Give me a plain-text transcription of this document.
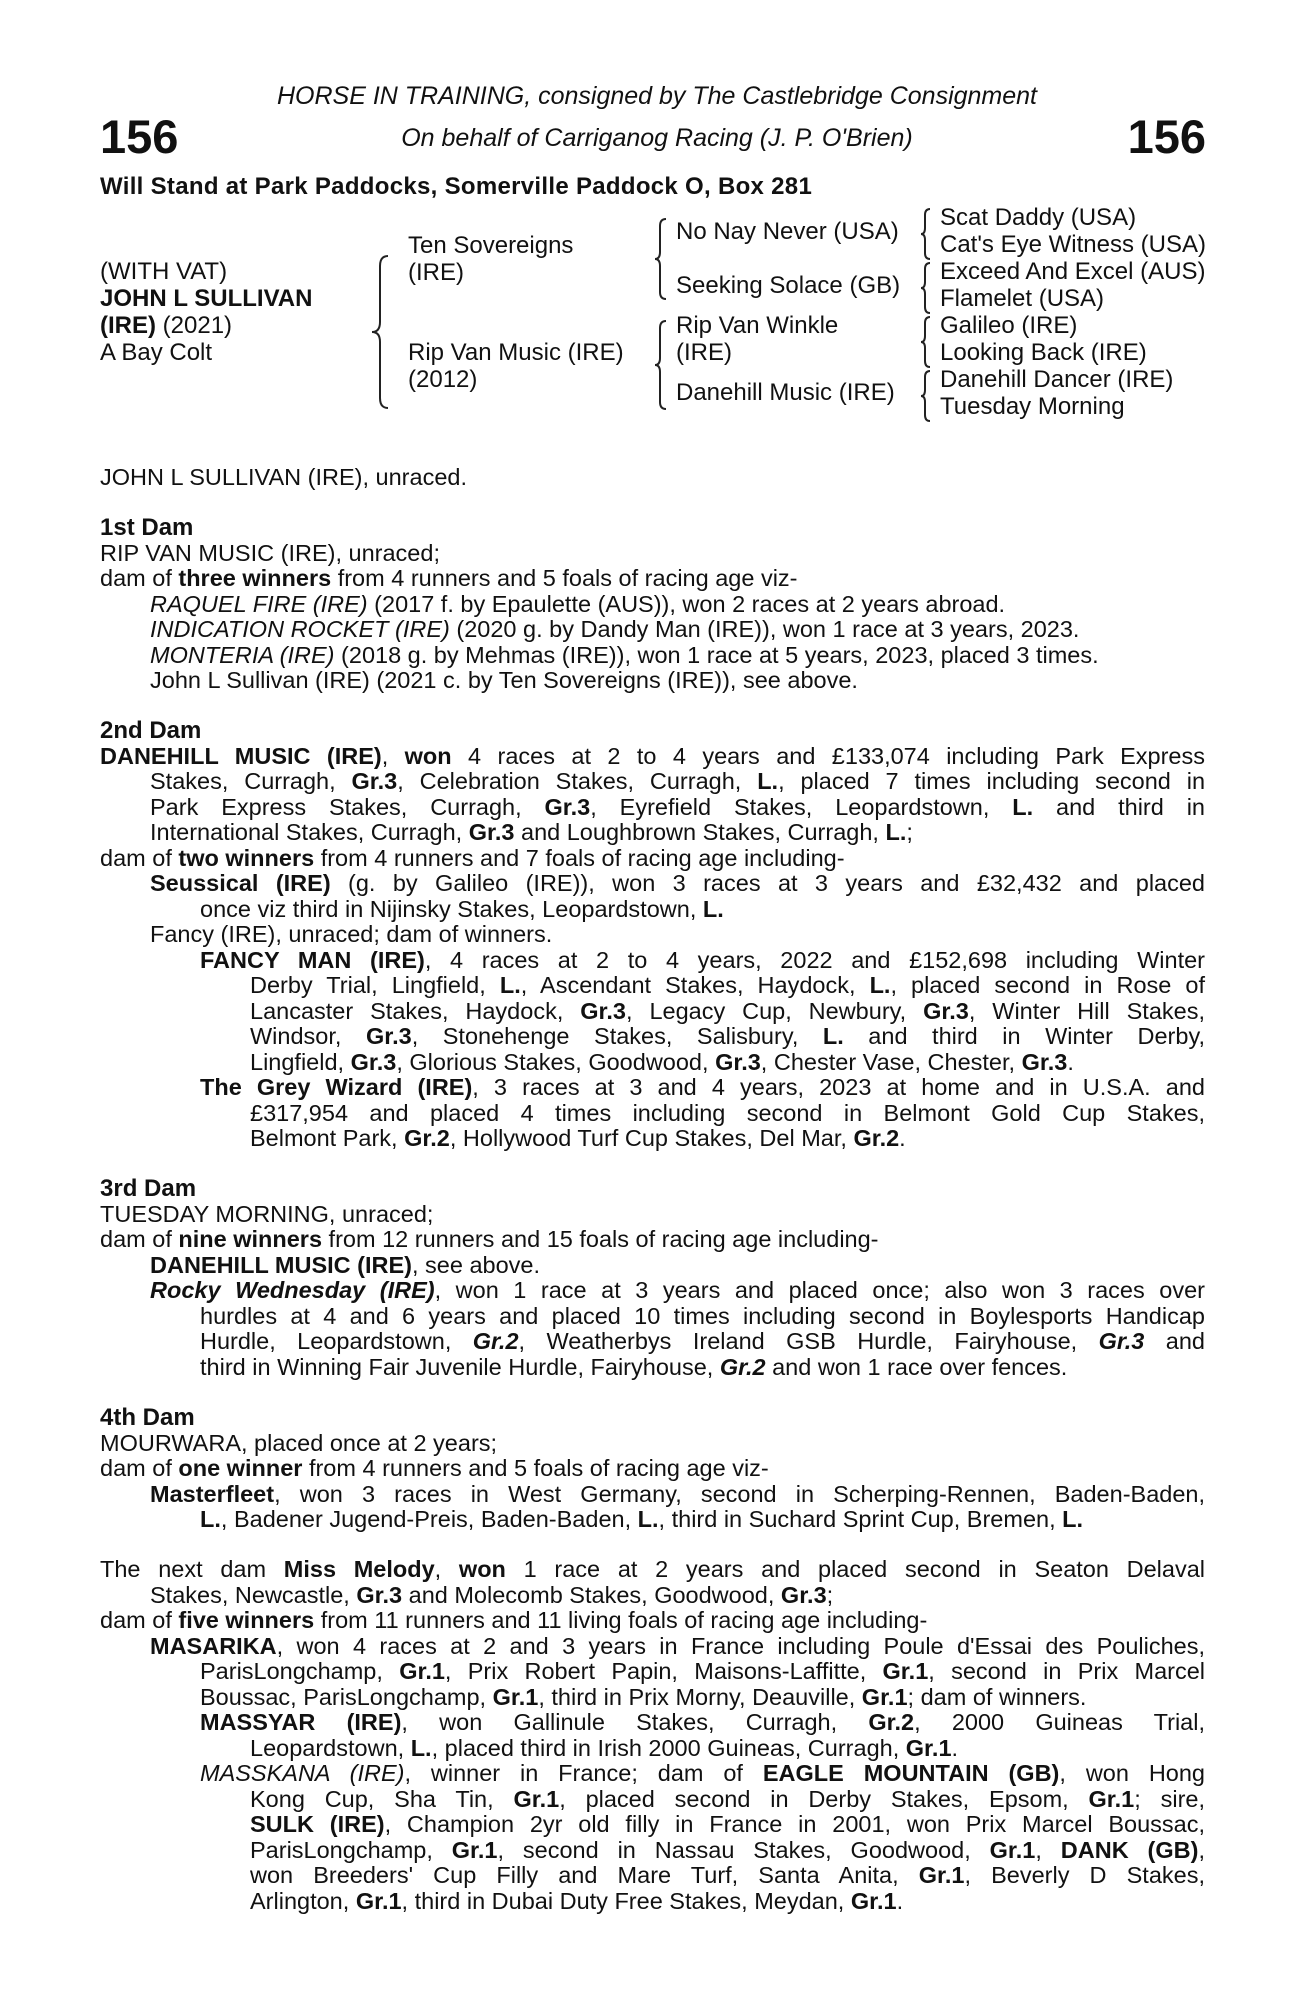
156	156
HORSE IN TRAINING, consigned by The Castlebridge Consignment
On behalf of Carriganog Racing (J. P. O'Brien)
Will Stand at Park Paddocks, Somerville Paddock O, Box 281
(WITH VAT)
JOHN L SULLIVAN
(IRE) (2021)
A Bay Colt
Ten Sovereigns
(IRE)
Rip Van Music (IRE)
(2012)
No Nay Never (USA)
Seeking Solace (GB)
Rip Van Winkle
(IRE)
Danehill Music (IRE)
Scat Daddy (USA)
Cat's Eye Witness (USA)
Exceed And Excel (AUS)
Flamelet (USA)
Galileo (IRE)
Looking Back (IRE)
Danehill Dancer (IRE)
Tuesday Morning
JOHN L SULLIVAN (IRE), unraced.
1st Dam
RIP VAN MUSIC (IRE), unraced;
dam of three winners from 4 runners and 5 foals of racing age viz-
RAQUEL FIRE (IRE) (2017 f. by Epaulette (AUS)), won 2 races at 2 years abroad.
INDICATION ROCKET (IRE) (2020 g. by Dandy Man (IRE)), won 1 race at 3 years, 2023.
MONTERIA (IRE) (2018 g. by Mehmas (IRE)), won 1 race at 5 years, 2023, placed 3 times.
John L Sullivan (IRE) (2021 c. by Ten Sovereigns (IRE)), see above.
2nd Dam
DANEHILL MUSIC (IRE), won 4 races at 2 to 4 years and £133,074 including Park Express
Stakes, Curragh, Gr.3, Celebration Stakes, Curragh, L., placed 7 times including second in
Park Express Stakes, Curragh, Gr.3, Eyrefield Stakes, Leopardstown, L. and third in
International Stakes, Curragh, Gr.3 and Loughbrown Stakes, Curragh, L.;
dam of two winners from 4 runners and 7 foals of racing age including-
Seussical (IRE) (g. by Galileo (IRE)), won 3 races at 3 years and £32,432 and placed
once viz third in Nijinsky Stakes, Leopardstown, L.
Fancy (IRE), unraced; dam of winners.
FANCY MAN (IRE), 4 races at 2 to 4 years, 2022 and £152,698 including Winter
Derby Trial, Lingfield, L., Ascendant Stakes, Haydock, L., placed second in Rose of
Lancaster Stakes, Haydock, Gr.3, Legacy Cup, Newbury, Gr.3, Winter Hill Stakes,
Windsor, Gr.3, Stonehenge Stakes, Salisbury, L. and third in Winter Derby,
Lingfield, Gr.3, Glorious Stakes, Goodwood, Gr.3, Chester Vase, Chester, Gr.3.
The Grey Wizard (IRE), 3 races at 3 and 4 years, 2023 at home and in U.S.A. and
£317,954 and placed 4 times including second in Belmont Gold Cup Stakes,
Belmont Park, Gr.2, Hollywood Turf Cup Stakes, Del Mar, Gr.2.
3rd Dam
TUESDAY MORNING, unraced;
dam of nine winners from 12 runners and 15 foals of racing age including-
DANEHILL MUSIC (IRE), see above.
Rocky Wednesday (IRE), won 1 race at 3 years and placed once; also won 3 races over
hurdles at 4 and 6 years and placed 10 times including second in Boylesports Handicap
Hurdle, Leopardstown, Gr.2, Weatherbys Ireland GSB Hurdle, Fairyhouse, Gr.3 and
third in Winning Fair Juvenile Hurdle, Fairyhouse, Gr.2 and won 1 race over fences.
4th Dam
MOURWARA, placed once at 2 years;
dam of one winner from 4 runners and 5 foals of racing age viz-
Masterfleet, won 3 races in West Germany, second in Scherping-Rennen, Baden-Baden,
L., Badener Jugend-Preis, Baden-Baden, L., third in Suchard Sprint Cup, Bremen, L.
The next dam Miss Melody, won 1 race at 2 years and placed second in Seaton Delaval
Stakes, Newcastle, Gr.3 and Molecomb Stakes, Goodwood, Gr.3;
dam of five winners from 11 runners and 11 living foals of racing age including-
MASARIKA, won 4 races at 2 and 3 years in France including Poule d'Essai des Pouliches,
ParisLongchamp, Gr.1, Prix Robert Papin, Maisons-Laffitte, Gr.1, second in Prix Marcel
Boussac, ParisLongchamp, Gr.1, third in Prix Morny, Deauville, Gr.1; dam of winners.
MASSYAR (IRE), won Gallinule Stakes, Curragh, Gr.2, 2000 Guineas Trial,
Leopardstown, L., placed third in Irish 2000 Guineas, Curragh, Gr.1.
MASSKANA (IRE), winner in France; dam of EAGLE MOUNTAIN (GB), won Hong
Kong Cup, Sha Tin, Gr.1, placed second in Derby Stakes, Epsom, Gr.1; sire,
SULK (IRE), Champion 2yr old filly in France in 2001, won Prix Marcel Boussac,
ParisLongchamp, Gr.1, second in Nassau Stakes, Goodwood, Gr.1, DANK (GB),
won Breeders' Cup Filly and Mare Turf, Santa Anita, Gr.1, Beverly D Stakes,
Arlington, Gr.1, third in Dubai Duty Free Stakes, Meydan, Gr.1.
